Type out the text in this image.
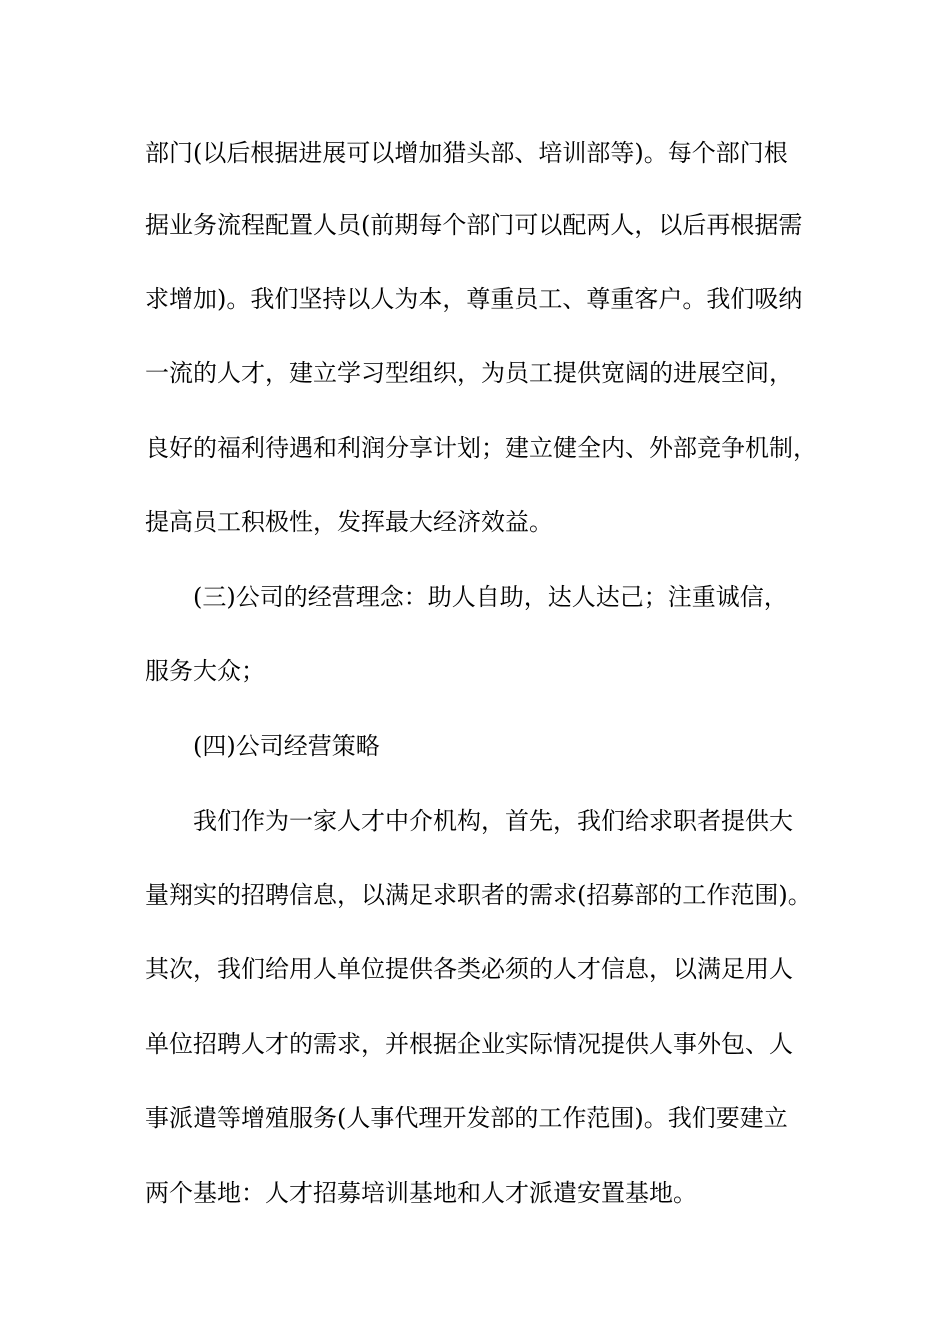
部门(以后根据进展可以增加猎头部、培训部等)。每个部门根
据业务流程配置人员(前期每个部门可以配两人，以后再根据需
求增加)。我们坚持以人为本，尊重员工、尊重客户。我们吸纳
一流的人才，建立学习型组织，为员工提供宽阔的进展空间，
良好的福利待遇和利润分享计划；建立健全内、外部竞争机制，
提高员工积极性，发挥最大经济效益。
(三)公司的经营理念：助人自助，达人达己；注重诚信，
服务大众；
(四)公司经营策略
我们作为一家人才中介机构，首先，我们给求职者提供大
量翔实的招聘信息，以满足求职者的需求(招募部的工作范围)。
其次，我们给用人单位提供各类必须的人才信息，以满足用人
单位招聘人才的需求，并根据企业实际情况提供人事外包、人
事派遣等增殖服务(人事代理开发部的工作范围)。我们要建立
两个基地：人才招募培训基地和人才派遣安置基地。
